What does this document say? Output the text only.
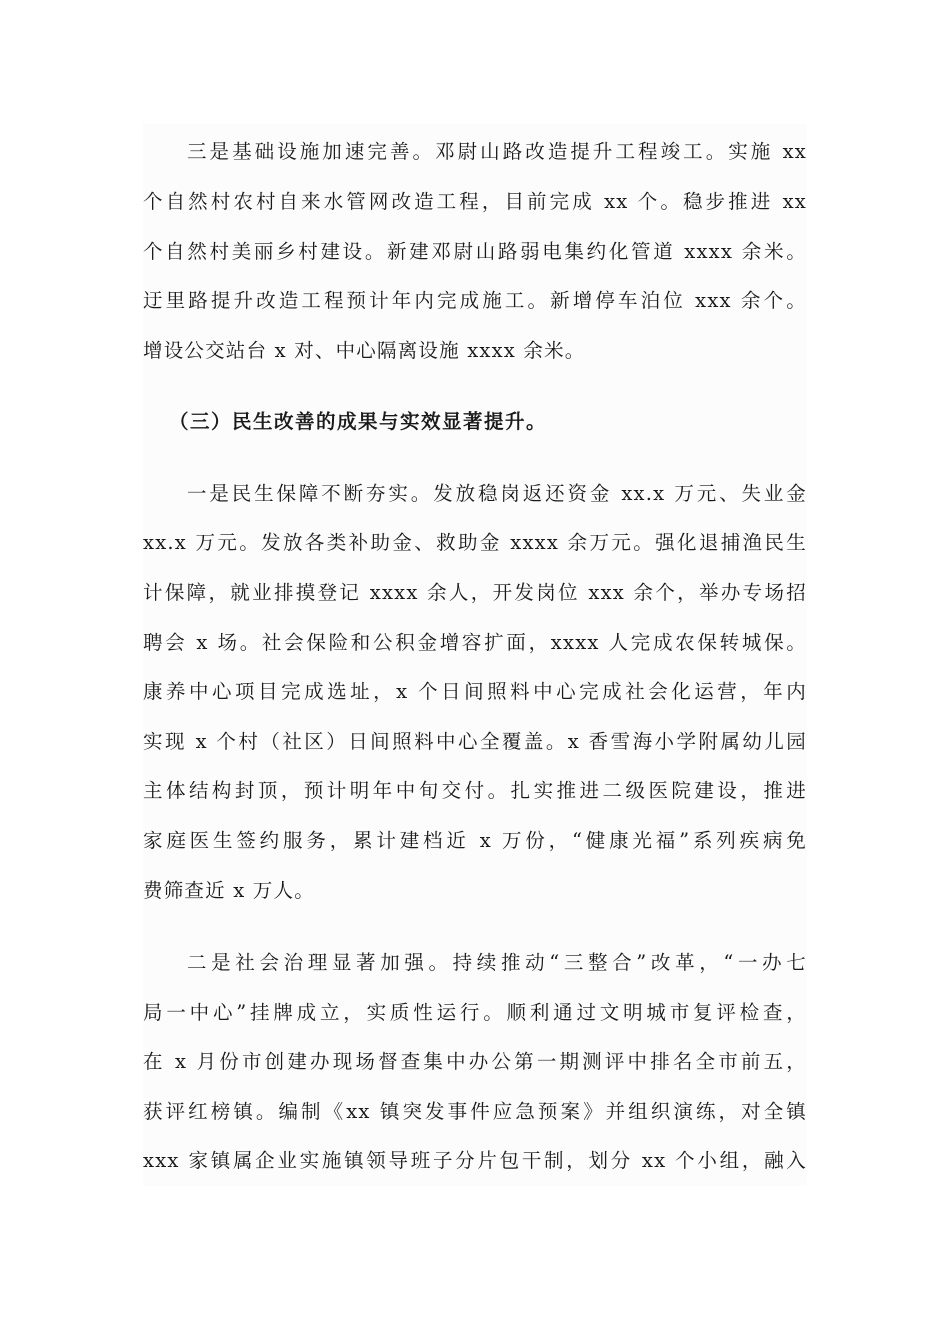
三是基础设施加速完善。邓尉山路改造提升工程竣工。实施 xx
个自然村农村自来水管网改造工程，目前完成 xx 个。稳步推进 xx
个自然村美丽乡村建设。新建邓尉山路弱电集约化管道 xxxx 余米。
迂里路提升改造工程预计年内完成施工。新增停车泊位 xxx 余个。
增设公交站台 x 对、中心隔离设施 xxxx 余米。
（三）民生改善的成果与实效显著提升。
一是民生保障不断夯实。发放稳岗返还资金 xx.x 万元、失业金
xx.x 万元。发放各类补助金、救助金 xxxx 余万元。强化退捕渔民生
计保障，就业排摸登记 xxxx 余人，开发岗位 xxx 余个，举办专场招
聘会 x 场。社会保险和公积金增容扩面，xxxx 人完成农保转城保。
康养中心项目完成选址，x 个日间照料中心完成社会化运营，年内
实现 x 个村（社区）日间照料中心全覆盖。x 香雪海小学附属幼儿园
主体结构封顶，预计明年中旬交付。扎实推进二级医院建设，推进
家庭医生签约服务，累计建档近 x 万份，“健康光福”系列疾病免
费筛查近 x 万人。
二是社会治理显著加强。持续推动“三整合”改革，“一办七
局一中心”挂牌成立，实质性运行。顺利通过文明城市复评检查，
在 x 月份市创建办现场督查集中办公第一期测评中排名全市前五，
获评红榜镇。编制《xx 镇突发事件应急预案》并组织演练，对全镇
xxx 家镇属企业实施镇领导班子分片包干制，划分 xx 个小组，融入
